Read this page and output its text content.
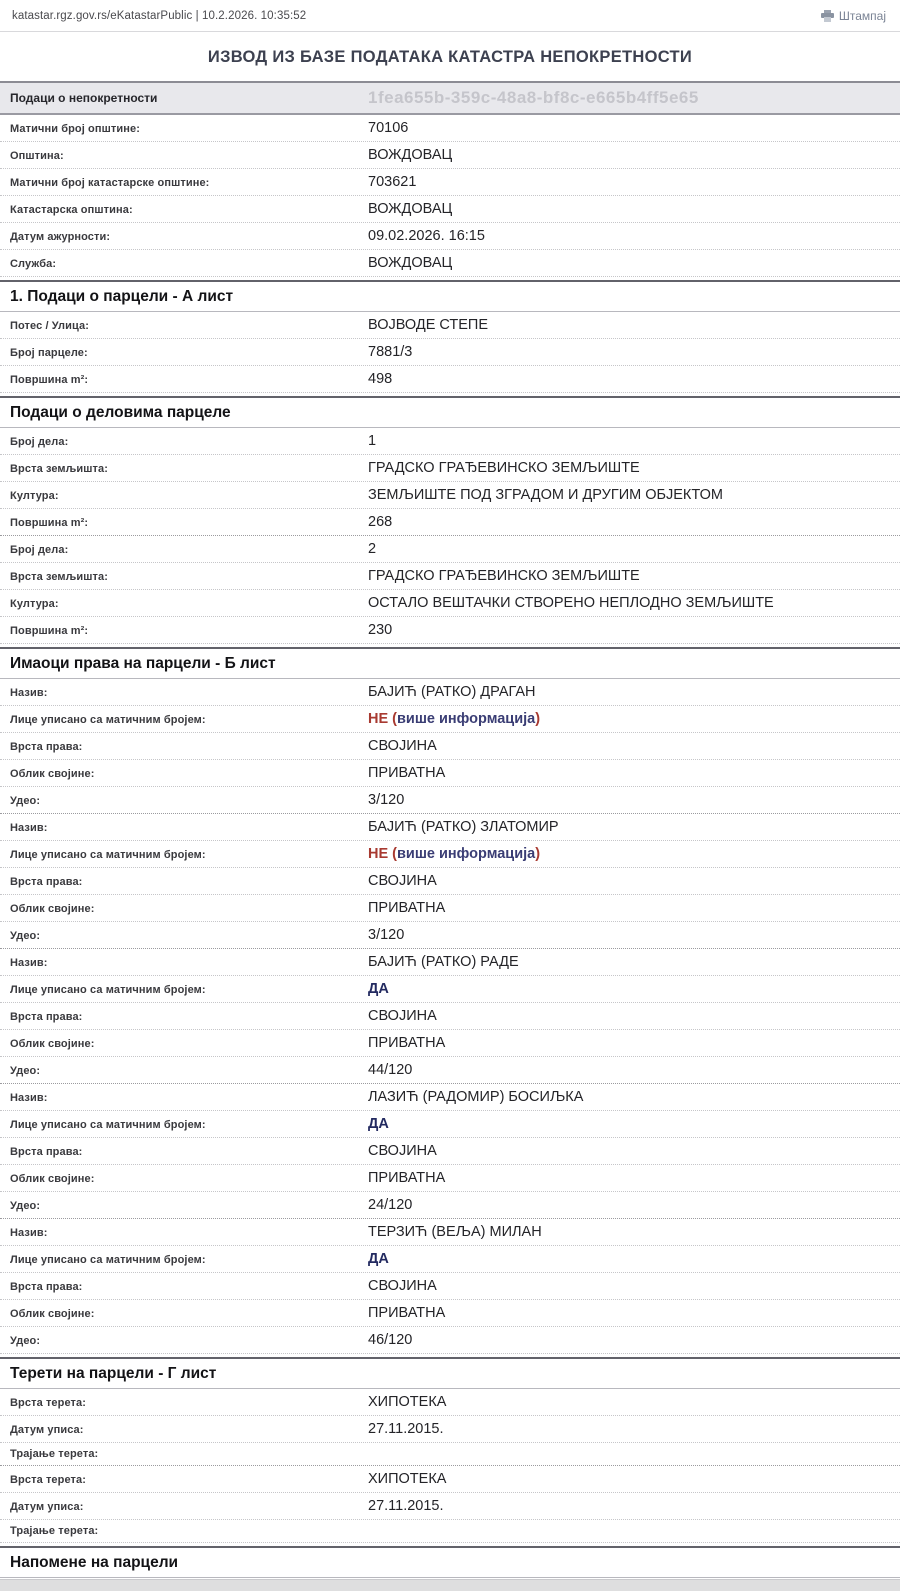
katastar.rgz.gov.rs/eKatastarPublic | 10.2.2026. 10:35:52	Штампај
ИЗВОД ИЗ БАЗЕ ПОДАТАКА КАТАСТРА НЕПОКРЕТНОСТИ
Подаци о непокретности	1fea655b-359c-48a8-bf8c-e665b4ff5e65
Матични број општине:	70106
Општина:	ВОЖДОВАЦ
Матични број катастарске општине:	703621
Катастарска општина:	ВОЖДОВАЦ
Датум ажурности:	09.02.2026. 16:15
Служба:	ВОЖДОВАЦ
1. Подаци о парцели - А лист
Потес / Улица:	ВОЈВОДЕ СТЕПЕ
Број парцеле:	7881/3
Површина m²:	498
Подаци о деловима парцеле
Број дела:	1
Врста земљишта:	ГРАДСКО ГРАЂЕВИНСКО ЗЕМЉИШТЕ
Култура:	ЗЕМЉИШТЕ ПОД ЗГРАДОМ И ДРУГИМ ОБЈЕКТОМ
Површина m²:	268
Број дела:	2
Врста земљишта:	ГРАДСКО ГРАЂЕВИНСКО ЗЕМЉИШТЕ
Култура:	ОСТАЛО ВЕШТАЧКИ СТВОРЕНО НЕПЛОДНО ЗЕМЉИШТЕ
Површина m²:	230
Имаоци права на парцели - Б лист
Назив:	БАЈИЋ (РАТКО) ДРАГАН
Лице уписано са матичним бројем:	НЕ (више информација)
Врста права:	СВОЈИНА
Облик својине:	ПРИВАТНА
Удео:	3/120
Назив:	БАЈИЋ (РАТКО) ЗЛАТОМИР
Лице уписано са матичним бројем:	НЕ (више информација)
Врста права:	СВОЈИНА
Облик својине:	ПРИВАТНА
Удео:	3/120
Назив:	БАЈИЋ (РАТКО) РАДЕ
Лице уписано са матичним бројем:	ДА
Врста права:	СВОЈИНА
Облик својине:	ПРИВАТНА
Удео:	44/120
Назив:	ЛАЗИЋ (РАДОМИР) БОСИЉКА
Лице уписано са матичним бројем:	ДА
Врста права:	СВОЈИНА
Облик својине:	ПРИВАТНА
Удео:	24/120
Назив:	ТЕРЗИЋ (ВЕЉА) МИЛАН
Лице уписано са матичним бројем:	ДА
Врста права:	СВОЈИНА
Облик својине:	ПРИВАТНА
Удео:	46/120
Терети на парцели - Г лист
Врста терета:	ХИПОТЕКА
Датум уписа:	27.11.2015.
Трајање терета:
Врста терета:	ХИПОТЕКА
Датум уписа:	27.11.2015.
Трајање терета:
Напомене на парцели
